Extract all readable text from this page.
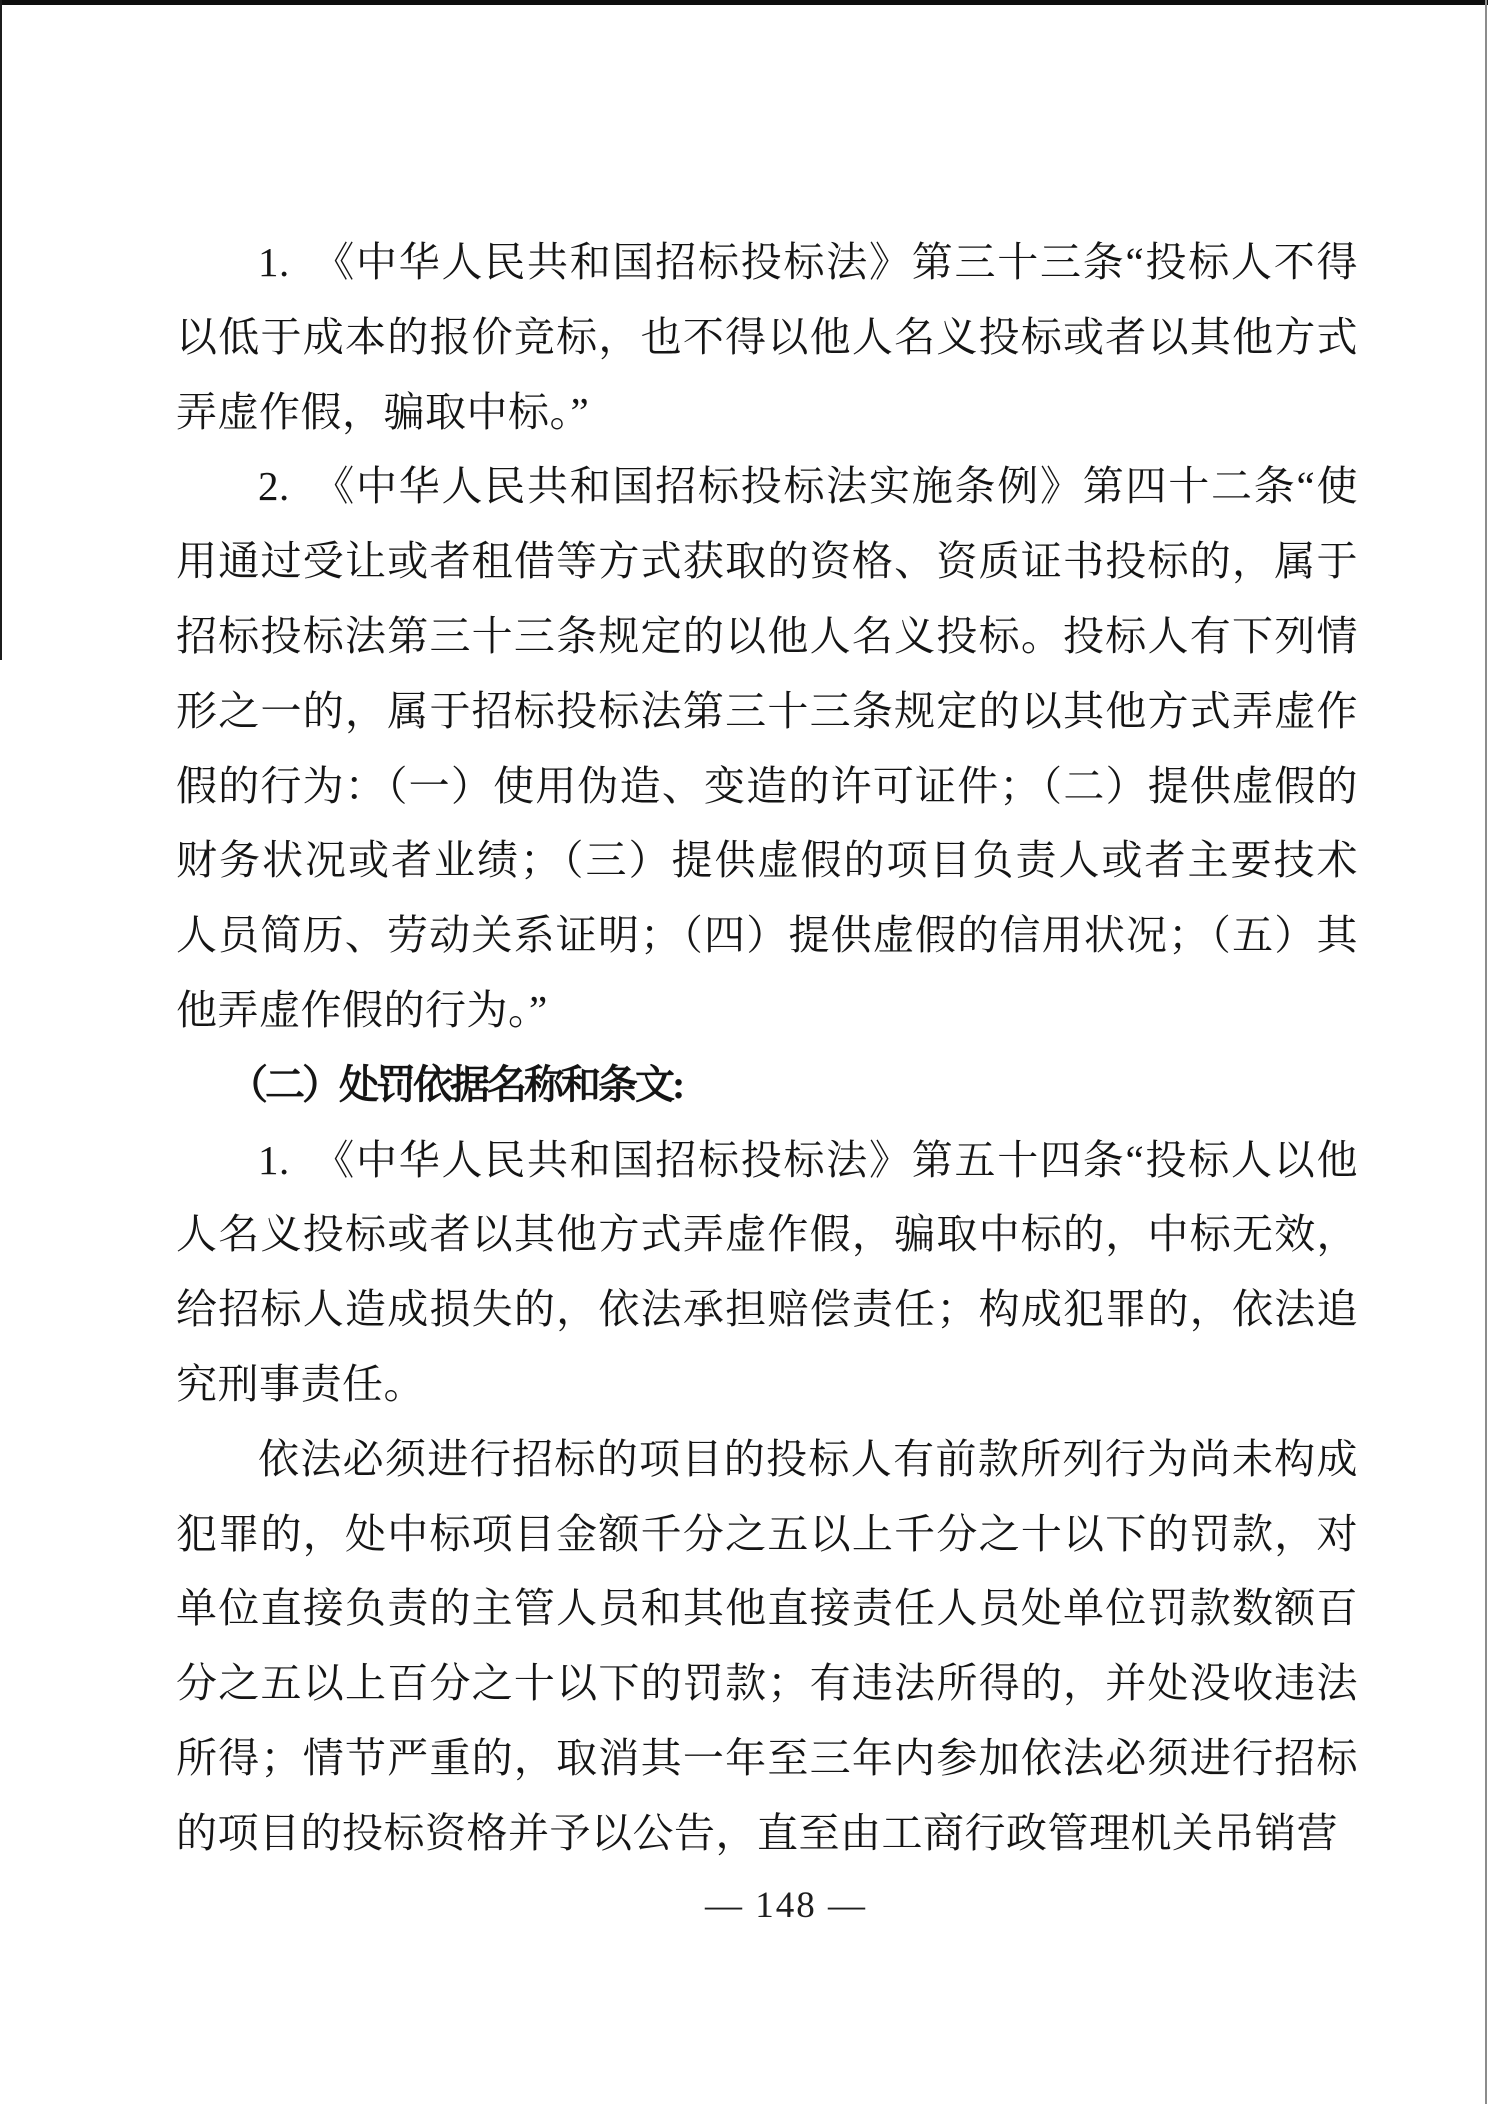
1.　《中华人民共和国招标投标法》第三十三条“投标人不得以低于成本的报价竞标，也不得以他人名义投标或者以其他方式弄虚作假，骗取中标。”

2.　《中华人民共和国招标投标法实施条例》第四十二条“使用通过受让或者租借等方式获取的资格、资质证书投标的，属于招标投标法第三十三条规定的以他人名义投标。投标人有下列情形之一的，属于招标投标法第三十三条规定的以其他方式弄虚作假的行为：（一）使用伪造、变造的许可证件；（二）提供虚假的财务状况或者业绩；（三）提供虚假的项目负责人或者主要技术人员简历、劳动关系证明；（四）提供虚假的信用状况；（五）其他弄虚作假的行为。”

（二）处罚依据名称和条文:

1.　《中华人民共和国招标投标法》第五十四条“投标人以他人名义投标或者以其他方式弄虚作假，骗取中标的，中标无效，给招标人造成损失的，依法承担赔偿责任；构成犯罪的，依法追究刑事责任。

依法必须进行招标的项目的投标人有前款所列行为尚未构成犯罪的，处中标项目金额千分之五以上千分之十以下的罚款，对单位直接负责的主管人员和其他直接责任人员处单位罚款数额百分之五以上百分之十以下的罚款；有违法所得的，并处没收违法所得；情节严重的，取消其一年至三年内参加依法必须进行招标的项目的投标资格并予以公告，直至由工商行政管理机关吊销营

— 148 —
